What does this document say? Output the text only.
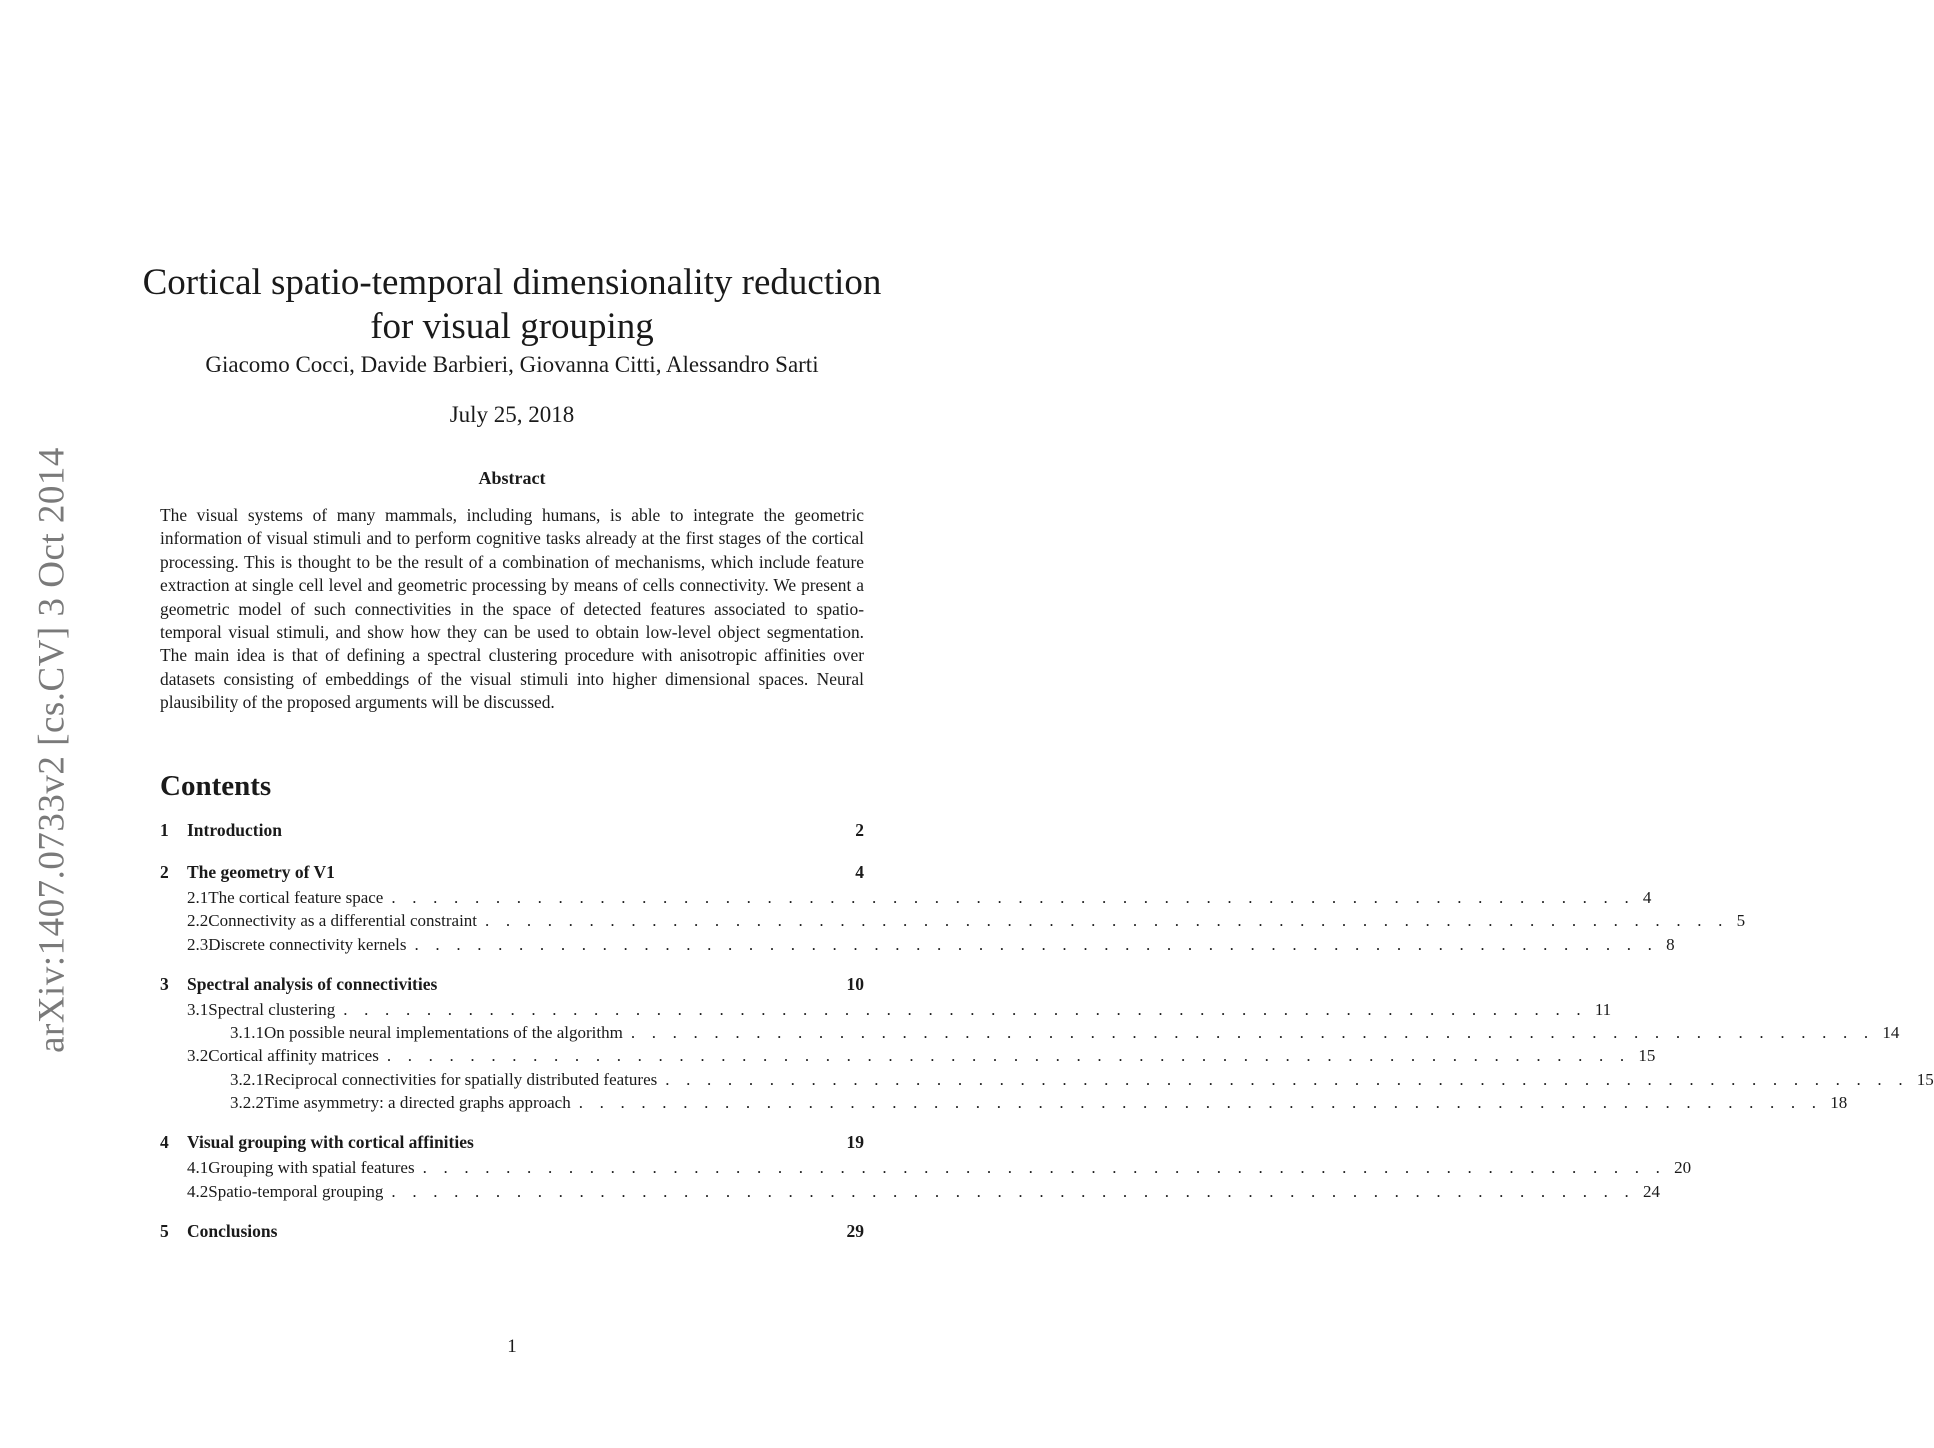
arXiv:1407.0733v2 [cs.CV] 3 Oct 2014
Cortical spatio-temporal dimensionality reduction
for visual grouping
Giacomo Cocci, Davide Barbieri, Giovanna Citti, Alessandro Sarti
July 25, 2018
Abstract

The visual systems of many mammals, including humans, is able to integrate the geometric information of visual stimuli and to perform cognitive tasks already at the first stages of the cortical processing. This is thought to be the result of a combination of mechanisms, which include feature extraction at single cell level and geometric processing by means of cells connectivity. We present a geometric model of such connectivities in the space of detected features associated to spatio-temporal visual stimuli, and show how they can be used to obtain low-level object segmentation. The main idea is that of defining a spectral clustering procedure with anisotropic affinities over datasets consisting of embeddings of the visual stimuli into higher dimensional spaces. Neural plausibility of the proposed arguments will be discussed.

Contents
1	Introduction	2
2	The geometry of V1	4
2.1 The cortical feature space . . . . . . . . . . . . . . . . . . . . . . . . . . . . . . . . . . . . . . . . . . . . . . . . . . . . . . . . . . . . 4
2.2 Connectivity as a differential constraint . . . . . . . . . . . . . . . . . . . . . . . . . . . . . . . . . . . . . . . . . . . . . . . . . . . . . . . . . . . . 5
2.3 Discrete connectivity kernels . . . . . . . . . . . . . . . . . . . . . . . . . . . . . . . . . . . . . . . . . . . . . . . . . . . . . . . . . . . . 8
3	Spectral analysis of connectivities	10
3.1 Spectral clustering . . . . . . . . . . . . . . . . . . . . . . . . . . . . . . . . . . . . . . . . . . . . . . . . . . . . . . . . . . . . 11
3.1.1 On possible neural implementations of the algorithm . . . . . . . . . . . . . . . . . . . . . . . . . . . . . . . . . . . . . . . . . . . . . . . . . . . . . . . . . . . . 14
3.2 Cortical affinity matrices . . . . . . . . . . . . . . . . . . . . . . . . . . . . . . . . . . . . . . . . . . . . . . . . . . . . . . . . . . . . 15
3.2.1 Reciprocal connectivities for spatially distributed features . . . . . . . . . . . . . . . . . . . . . . . . . . . . . . . . . . . . . . . . . . . . . . . . . . . . . . . . . . . . 15
3.2.2 Time asymmetry: a directed graphs approach . . . . . . . . . . . . . . . . . . . . . . . . . . . . . . . . . . . . . . . . . . . . . . . . . . . . . . . . . . . . 18
4	Visual grouping with cortical affinities	19
4.1 Grouping with spatial features . . . . . . . . . . . . . . . . . . . . . . . . . . . . . . . . . . . . . . . . . . . . . . . . . . . . . . . . . . . . 20
4.2 Spatio-temporal grouping . . . . . . . . . . . . . . . . . . . . . . . . . . . . . . . . . . . . . . . . . . . . . . . . . . . . . . . . . . . . 24
5	Conclusions	29
1
